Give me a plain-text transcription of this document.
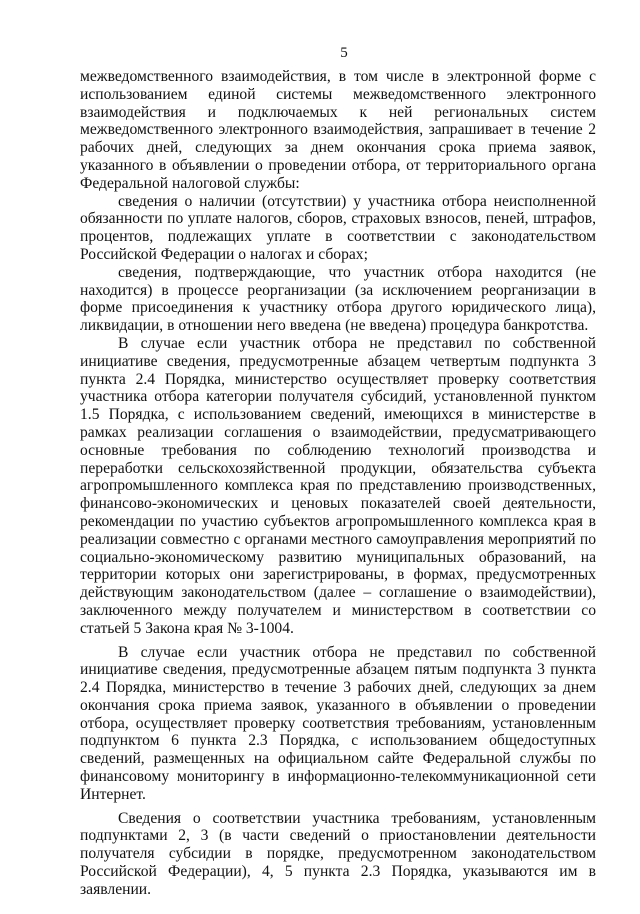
5

межведомственного взаимодействия, в том числе в электронной форме с использованием единой системы межведомственного электронного взаимодействия и подключаемых к ней региональных систем межведомственного электронного взаимодействия, запрашивает в течение 2 рабочих дней, следующих за днем окончания срока приема заявок, указанного в объявлении о проведении отбора, от территориального органа Федеральной налоговой службы:

сведения о наличии (отсутствии) у участника отбора неисполненной обязанности по уплате налогов, сборов, страховых взносов, пеней, штрафов, процентов, подлежащих уплате в соответствии с законодательством Российской Федерации о налогах и сборах;

сведения, подтверждающие, что участник отбора находится (не находится) в процессе реорганизации (за исключением реорганизации в форме присоединения к участнику отбора другого юридического лица), ликвидации, в отношении него введена (не введена) процедура банкротства.

В случае если участник отбора не представил по собственной инициативе сведения, предусмотренные абзацем четвертым подпункта 3 пункта 2.4 Порядка, министерство осуществляет проверку соответствия участника отбора категории получателя субсидий, установленной пунктом 1.5 Порядка, с использованием сведений, имеющихся в министерстве в рамках реализации соглашения о взаимодействии, предусматривающего основные требования по соблюдению технологий производства и переработки сельскохозяйственной продукции, обязательства субъекта агропромышленного комплекса края по представлению производственных, финансово-экономических и ценовых показателей своей деятельности, рекомендации по участию субъектов агропромышленного комплекса края в реализации совместно с органами местного самоуправления мероприятий по социально-экономическому развитию муниципальных образований, на территории которых они зарегистрированы, в формах, предусмотренных действующим законодательством (далее – соглашение о взаимодействии), заключенного между получателем и министерством в соответствии со статьей 5 Закона края № 3-1004.

В случае если участник отбора не представил по собственной инициативе сведения, предусмотренные абзацем пятым подпункта 3 пункта 2.4 Порядка, министерство в течение 3 рабочих дней, следующих за днем окончания срока приема заявок, указанного в объявлении о проведении отбора, осуществляет проверку соответствия требованиям, установленным подпунктом 6 пункта 2.3 Порядка, с использованием общедоступных сведений, размещенных на официальном сайте Федеральной службы по финансовому мониторингу в информационно-телекоммуникационной сети Интернет.

Сведения о соответствии участника требованиям, установленным подпунктами 2, 3 (в части сведений о приостановлении деятельности получателя субсидии в порядке, предусмотренном законодательством Российской Федерации), 4, 5 пункта 2.3 Порядка, указываются им в заявлении.
